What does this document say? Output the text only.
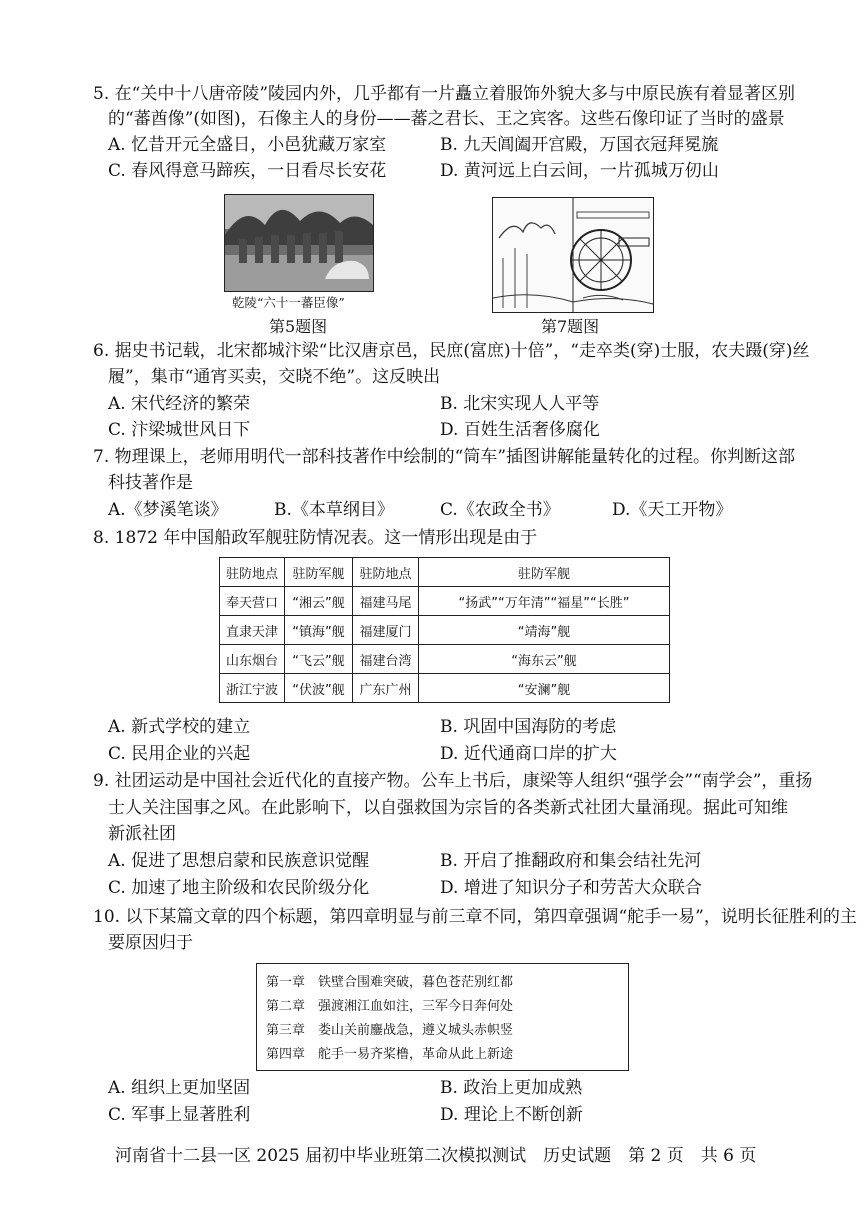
5. 在“关中十八唐帝陵”陵园内外，几乎都有一片矗立着服饰外貌大多与中原民族有着显著区别
的“蕃酋像”(如图)，石像主人的身份——蕃之君长、王之宾客。这些石像印证了当时的盛景
A. 忆昔开元全盛日，小邑犹藏万家室	B. 九天阊阖开宫殿，万国衣冠拜冕旒
C. 春风得意马蹄疾，一日看尽长安花	D. 黄河远上白云间，一片孤城万仞山
乾陵“六十一蕃臣像”
第5题图	第7题图
6. 据史书记载，北宋都城汴梁“比汉唐京邑，民庶(富庶)十倍”，“走卒类(穿)士服，农夫蹑(穿)丝
履”，集市“通宵买卖，交晓不绝”。这反映出
A. 宋代经济的繁荣	B. 北宋实现人人平等
C. 汴梁城世风日下	D. 百姓生活奢侈腐化
7. 物理课上，老师用明代一部科技著作中绘制的“筒车”插图讲解能量转化的过程。你判断这部
科技著作是
A.《梦溪笔谈》	B.《本草纲目》	C.《农政全书》	D.《天工开物》
8. 1872 年中国船政军舰驻防情况表。这一情形出现是由于
驻防地点	驻防军舰	驻防地点	驻防军舰
奉天营口	“湘云”舰	福建马尾	“扬武”“万年清”“福星”“长胜”
直隶天津	“镇海”舰	福建厦门	“靖海”舰
山东烟台	“飞云”舰	福建台湾	“海东云”舰
浙江宁波	“伏波”舰	广东广州	“安澜”舰
A. 新式学校的建立	B. 巩固中国海防的考虑
C. 民用企业的兴起	D. 近代通商口岸的扩大
9. 社团运动是中国社会近代化的直接产物。公车上书后，康梁等人组织“强学会”“南学会”，重扬
士人关注国事之风。在此影响下，以自强救国为宗旨的各类新式社团大量涌现。据此可知维
新派社团
A. 促进了思想启蒙和民族意识觉醒	B. 开启了推翻政府和集会结社先河
C. 加速了地主阶级和农民阶级分化	D. 增进了知识分子和劳苦大众联合
10. 以下某篇文章的四个标题，第四章明显与前三章不同，第四章强调“舵手一易”，说明长征胜利的主
要原因归于
第一章　铁壁合围难突破，暮色苍茫别红都
第二章　强渡湘江血如注，三军今日奔何处
第三章　娄山关前鏖战急，遵义城头赤帜竖
第四章　舵手一易齐桨橹，革命从此上新途
A. 组织上更加坚固	B. 政治上更加成熟
C. 军事上显著胜利	D. 理论上不断创新
河南省十二县一区 2025 届初中毕业班第二次模拟测试　历史试题　第 2 页　共 6 页
